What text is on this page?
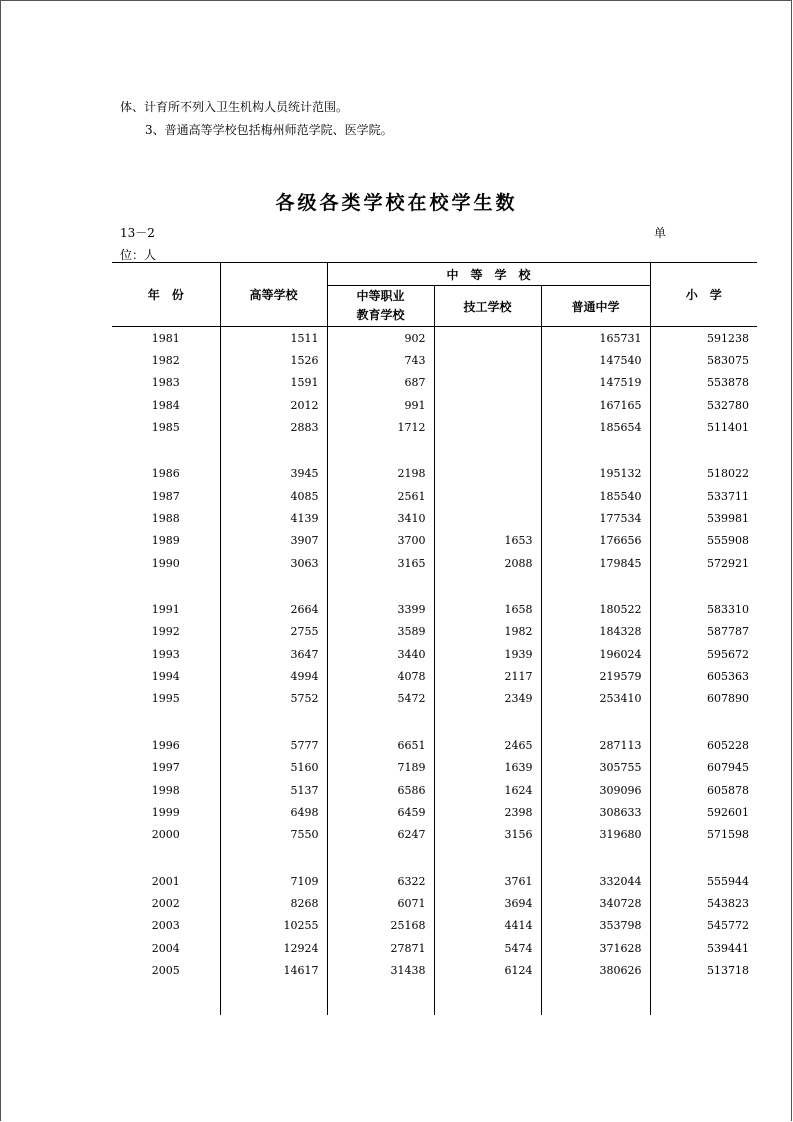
体、计育所不列入卫生机构人员统计范围。
3、普通高等学校包括梅州师范学院、医学院。
各级各类学校在校学生数
13－2	单
位：人
年　份	高等学校	中　等　学　校			小　学
		中等职业
教育学校	技工学校	普通中学	
1981	1511	902		165731	591238
1982	1526	743		147540	583075
1983	1591	687		147519	553878
1984	2012	991		167165	532780
1985	2883	1712		185654	511401

1986	3945	2198		195132	518022
1987	4085	2561		185540	533711
1988	4139	3410		177534	539981
1989	3907	3700	1653	176656	555908
1990	3063	3165	2088	179845	572921

1991	2664	3399	1658	180522	583310
1992	2755	3589	1982	184328	587787
1993	3647	3440	1939	196024	595672
1994	4994	4078	2117	219579	605363
1995	5752	5472	2349	253410	607890

1996	5777	6651	2465	287113	605228
1997	5160	7189	1639	305755	607945
1998	5137	6586	1624	309096	605878
1999	6498	6459	2398	308633	592601
2000	7550	6247	3156	319680	571598

2001	7109	6322	3761	332044	555944
2002	8268	6071	3694	340728	543823
2003	10255	25168	4414	353798	545772
2004	12924	27871	5474	371628	539441
2005	14617	31438	6124	380626	513718
